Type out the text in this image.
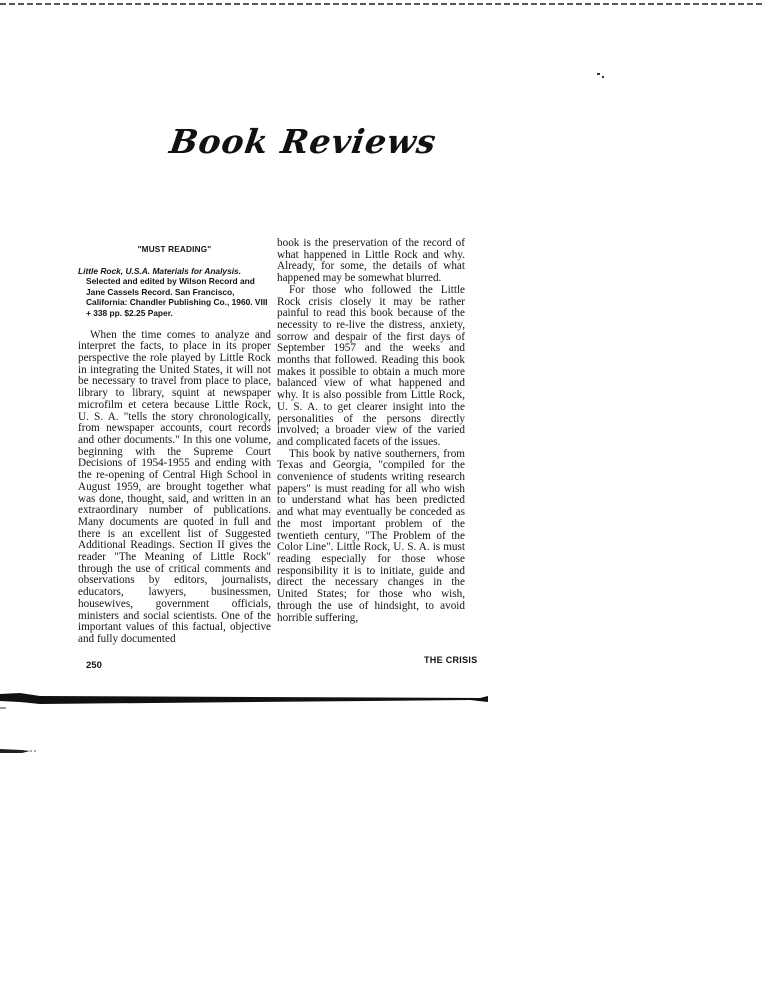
Book Reviews
"MUST READING"
Little Rock, U.S.A. Materials for Analysis. Selected and edited by Wilson Record and Jane Cassels Record. San Francisco, California: Chandler Publishing Co., 1960. VIII + 338 pp. $2.25 Paper.

When the time comes to analyze and interpret the facts, to place in its proper perspective the role played by Little Rock in integrating the United States, it will not be necessary to travel from place to place, library to library, squint at newspaper microfilm et cetera because Little Rock, U. S. A. "tells the story chronologically, from newspaper accounts, court records and other documents." In this one volume, beginning with the Supreme Court Decisions of 1954-1955 and ending with the re-opening of Central High School in August 1959, are brought together what was done, thought, said, and written in an extraordinary number of publications. Many documents are quoted in full and there is an excellent list of Suggested Additional Readings. Section II gives the reader "The Meaning of Little Rock" through the use of critical comments and observations by editors, journalists, educators, lawyers, businessmen, housewives, government officials, ministers and social scientists. One of the important values of this factual, objective and fully documented

book is the preservation of the record of what happened in Little Rock and why. Already, for some, the details of what happened may be somewhat blurred.

For those who followed the Little Rock crisis closely it may be rather painful to read this book because of the necessity to re-live the distress, anxiety, sorrow and despair of the first days of September 1957 and the weeks and months that followed. Reading this book makes it possible to obtain a much more balanced view of what happened and why. It is also possible from Little Rock, U. S. A. to get clearer insight into the personalities of the persons directly involved; a broader view of the varied and complicated facets of the issues.

This book by native southerners, from Texas and Georgia, "compiled for the convenience of students writing research papers" is must reading for all who wish to understand what has been predicted and what may eventually be conceded as the most important problem of the twentieth century, "The Problem of the Color Line". Little Rock, U. S. A. is must reading especially for those whose responsibility it is to initiate, guide and direct the necessary changes in the United States; for those who wish, through the use of hindsight, to avoid horrible suffering,

250	THE CRISIS
